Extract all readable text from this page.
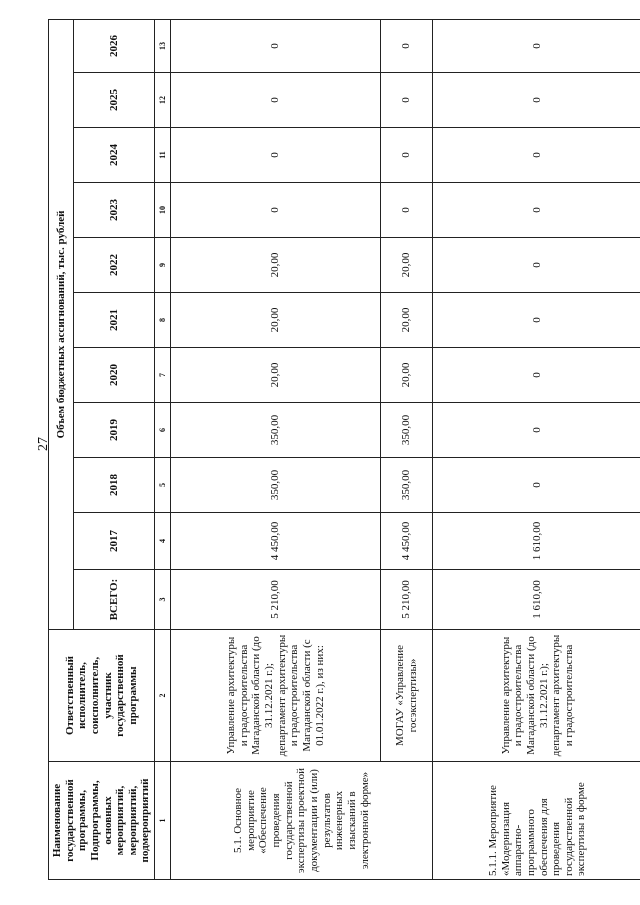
27
Наименование государственной программы, Подпрограммы, основных мероприятий, мероприятий, подмероприятий	Ответственный исполнитель, соисполнитель, участник государственной программы	Объем бюджетных ассигнований, тыс. рублей										
		ВСЕГО:	2017	2018	2019	2020	2021	2022	2023	2024	2025	2026
1	2	3	4	5	6	7	8	9	10	11	12	13
5.1. Основное мероприятие «Обеспечение проведения государственной экспертизы проектной документации и (или) результатов инженерных изысканий в электронной форме»	Управление архитектуры и градостроительства Магаданской области (до 31.12.2021 г.); департамент архитектуры и градостроительства Магаданской области (с 01.01.2022 г.), из них:	5 210,00	4 450,00	350,00	350,00	20,00	20,00	20,00	0	0	0	0
	МОГАУ «Управление госэкспертизы»	5 210,00	4 450,00	350,00	350,00	20,00	20,00	20,00	0	0	0	0
5.1.1. Мероприятие «Модернизация аппаратно-программного обеспечения для проведения государственной экспертизы в форме	Управление архитектуры и градостроительства Магаданской области (до 31.12.2021 г.); департамент архитектуры и градостроительства	1 610,00	1 610,00	0	0	0	0	0	0	0	0	0
